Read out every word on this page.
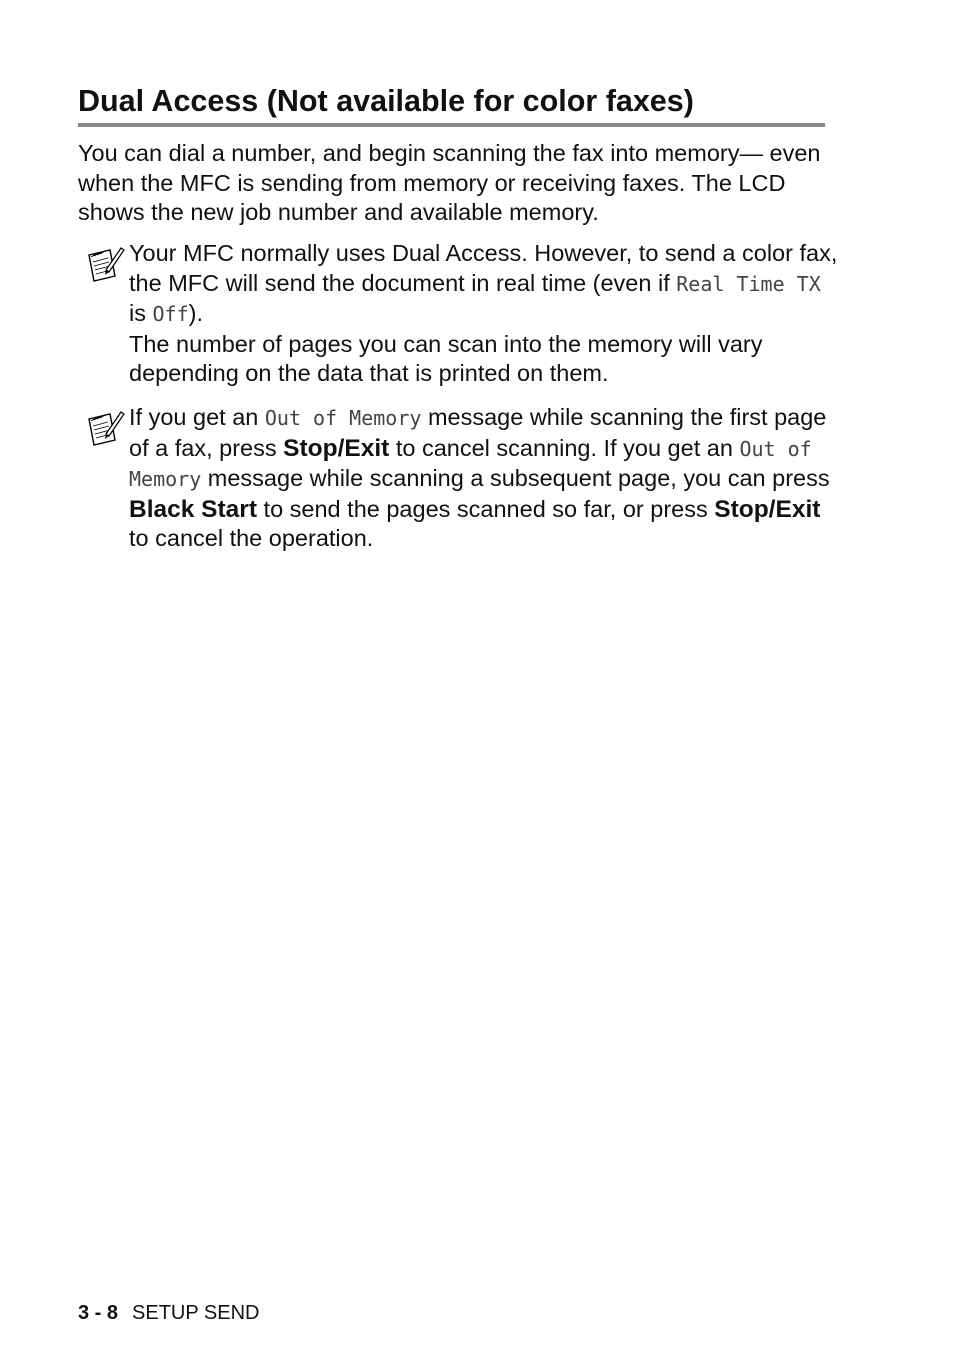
Dual Access (Not available for color faxes)

You can dial a number, and begin scanning the fax into memory— even when the MFC is sending from memory or receiving faxes. The LCD shows the new job number and available memory.

Your MFC normally uses Dual Access. However, to send a color fax, the MFC will send the document in real time (even if Real Time TX is Off).

The number of pages you can scan into the memory will vary depending on the data that is printed on them.

If you get an Out of Memory message while scanning the first page of a fax, press Stop/Exit to cancel scanning. If you get an Out of Memory message while scanning a subsequent page, you can press Black Start to send the pages scanned so far, or press Stop/Exit to cancel the operation.

3 - 8 SETUP SEND
